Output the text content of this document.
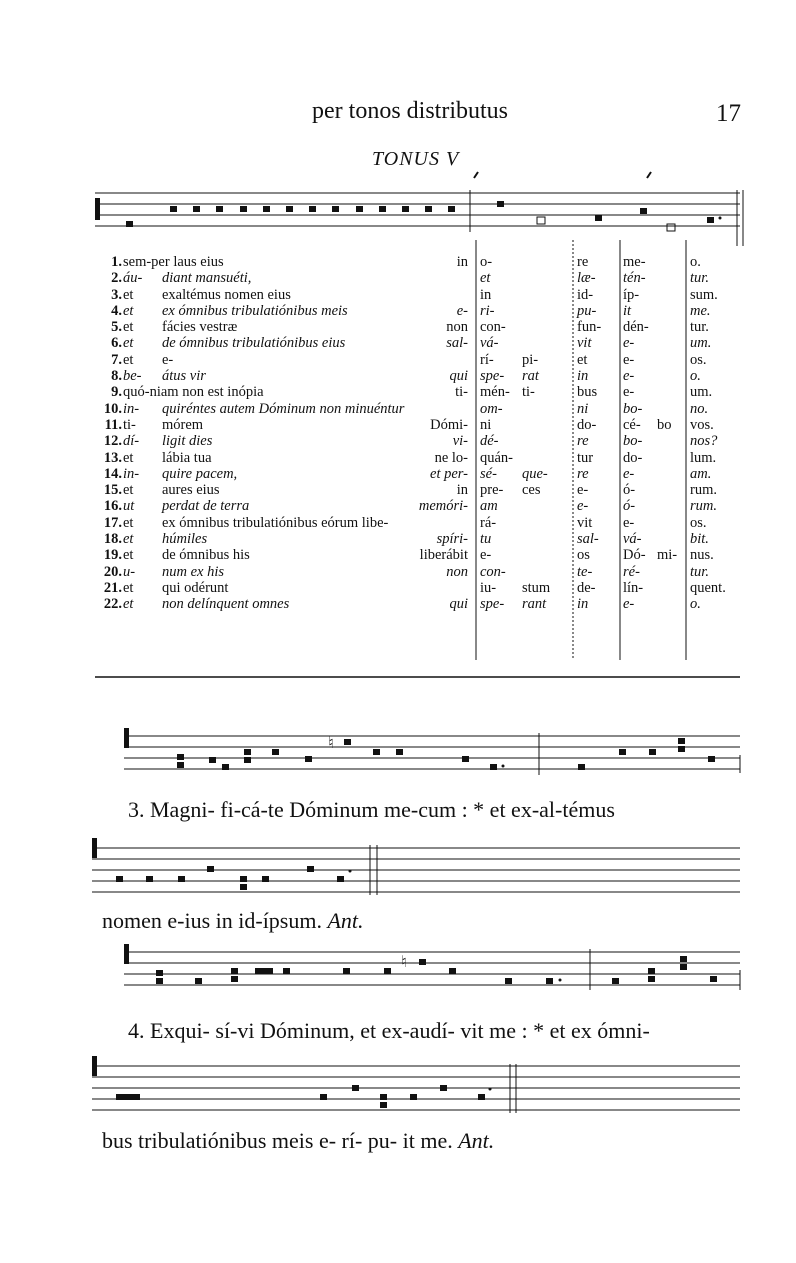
per tonos distributus	17
TONUS V
♮
♮
1.
2.
3.
4.
5.
6.
7.
8.
9.
10.
11.
12.
13.
14.
15.
16.
17.
18.
19.
20.
21.
22.
sem-per laus eius
áu-
et
et
et
et
et
be-
quó-niam non est inópia
in-
ti-
dí-
et
in-
et
ut
et
et
et
u-
et
et

diant mansuéti,
exaltémus nomen eius
ex ómnibus tribulatiónibus meis
fácies vestræ
de ómnibus tribulatiónibus eius
e-
átus vir

quiréntes autem Dóminum non minuéntur
mórem
ligit dies
lábia tua
quire pacem,
aures eius
perdat de terra
ex ómnibus tribulatiónibus eórum libe-
húmiles
de ómnibus his
num ex his
qui odérunt
non delínquent omnes
in

e-
non
sal-

qui
ti-

Dómi-
vi-
ne lo-
et per-
in
memóri-

spíri-
liberábit
non

qui
o-
et
in
ri-
con-
vá-
rí-
spe-
mén-
om-
ni
dé-
quán-
sé-
pre-
am
rá-
tu
e-
con-
iu-
spe-

pi-
rat
ti-

que-
ces

stum
rant
re
læ-
id-
pu-
fun-
vit
et
in
bus
ni
do-
re
tur
re
e-
e-
vit
sal-
os
te-
de-
in
me-
tén-
íp-
it
dén-
e-
e-
e-
e-
bo-
cé-
bo-
do-
e-
ó-
ó-
e-
vá-
Dó-
ré-
lín-
e-

bo

mi-

o.
tur.
sum.
me.
tur.
um.
os.
o.
um.
no.
vos.
nos?
lum.
am.
rum.
rum.
os.
bit.
nus.
tur.
quent.
o.
3. Magni- fi-cá-te Dóminum me-cum : * et ex-al-témus
nomen e-ius in id-ípsum. Ant.
4. Exqui- sí-vi Dóminum, et ex-audí- vit me : * et ex ómni-
bus tribulatiónibus meis e- rí- pu- it me. Ant.
